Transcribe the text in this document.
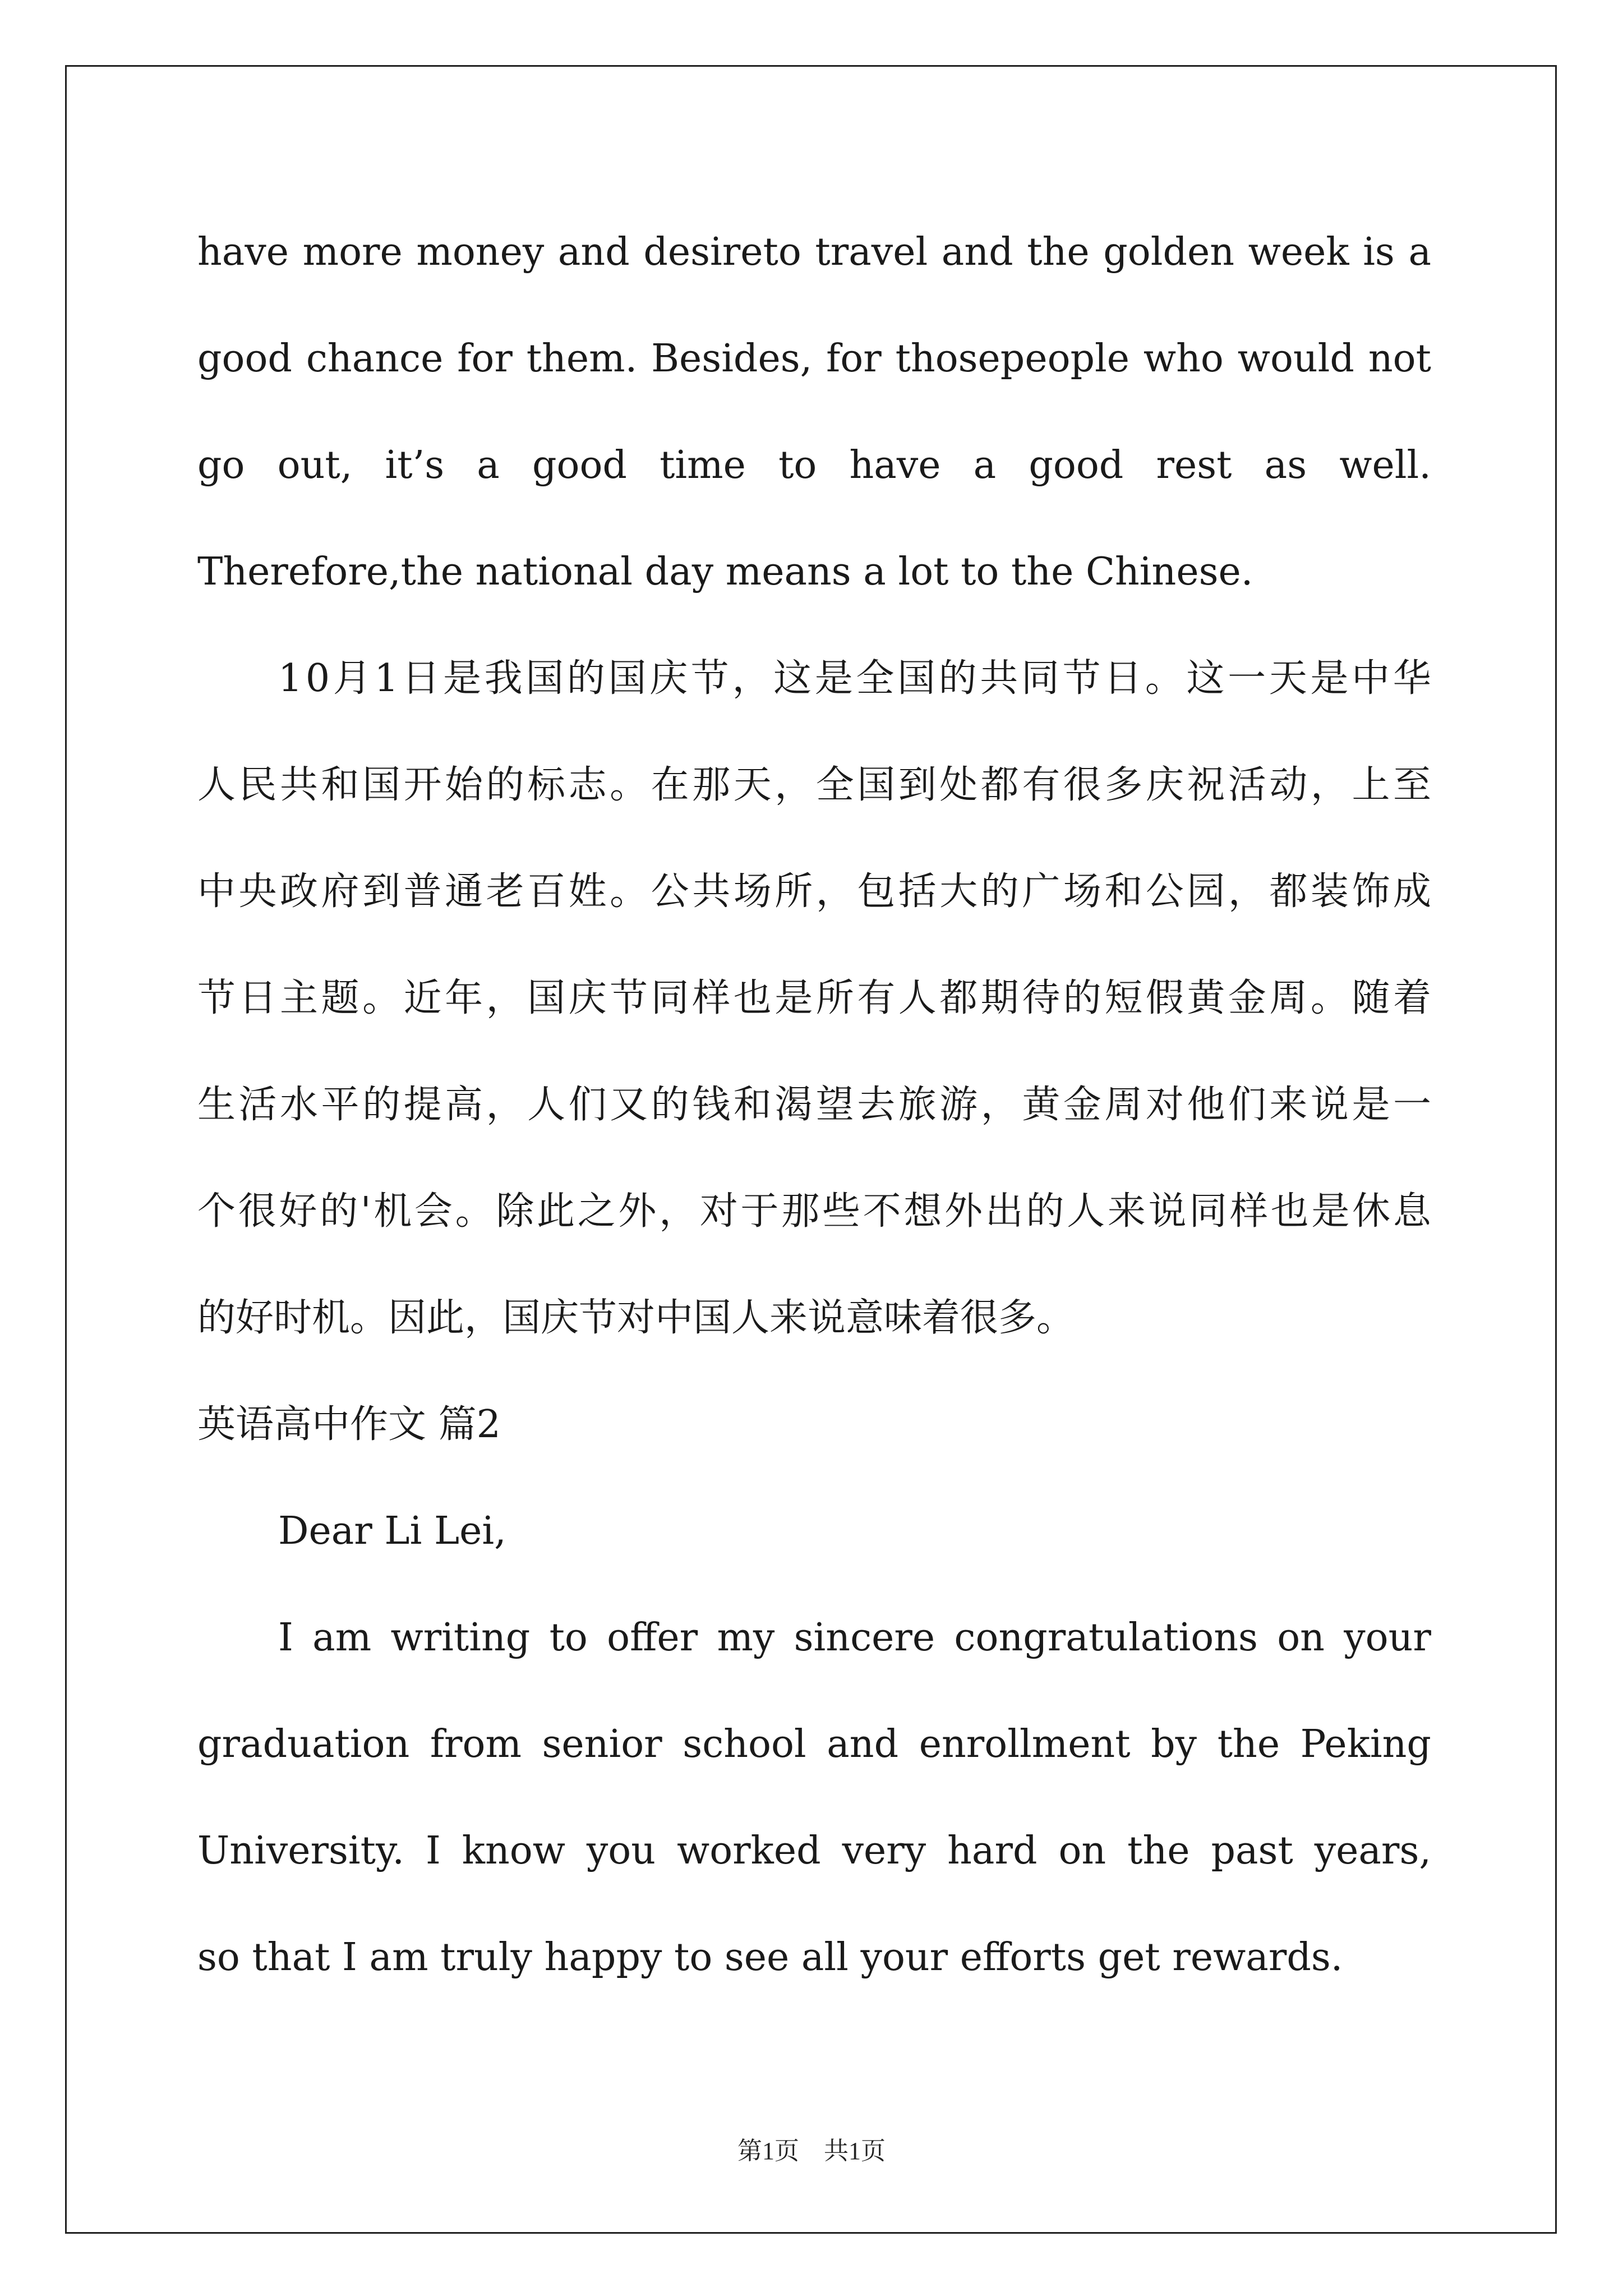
have more money and desireto travel and the golden week is a
good chance for them. Besides, for thosepeople who would not
go out, it’s a good time to have a good rest as well.
Therefore,the national day means a lot to the Chinese.
1 0 月 1 日 是 我 国 的 国 庆 节 ， 这 是 全 国 的 共 同 节 日 。 这 一 天 是 中 华
人 民 共 和 国 开 始 的 标 志 。 在 那 天 ， 全 国 到 处 都 有 很 多 庆 祝 活 动 ， 上 至
中 央 政 府 到 普 通 老 百 姓 。 公 共 场 所 ， 包 括 大 的 广 场 和 公 园 ， 都 装 饰 成
节 日 主 题 。 近 年 ， 国 庆 节 同 样 也 是 所 有 人 都 期 待 的 短 假 黄 金 周 。 随 着
生 活 水 平 的 提 高 ， 人 们 又 的 钱 和 渴 望 去 旅 游 ， 黄 金 周 对 他 们 来 说 是 一
个 很 好 的 ' 机 会 。 除 此 之 外 ， 对 于 那 些 不 想 外 出 的 人 来 说 同 样 也 是 休 息
的好时机。因此，国庆节对中国人来说意味着很多。
英语高中作文 篇2
Dear Li Lei,
I am writing to offer my sincere congratulations on your
graduation from senior school and enrollment by the Peking
University. I know you worked very hard on the past years,
so that I am truly happy to see all your efforts get rewards.
第1页 共1页
